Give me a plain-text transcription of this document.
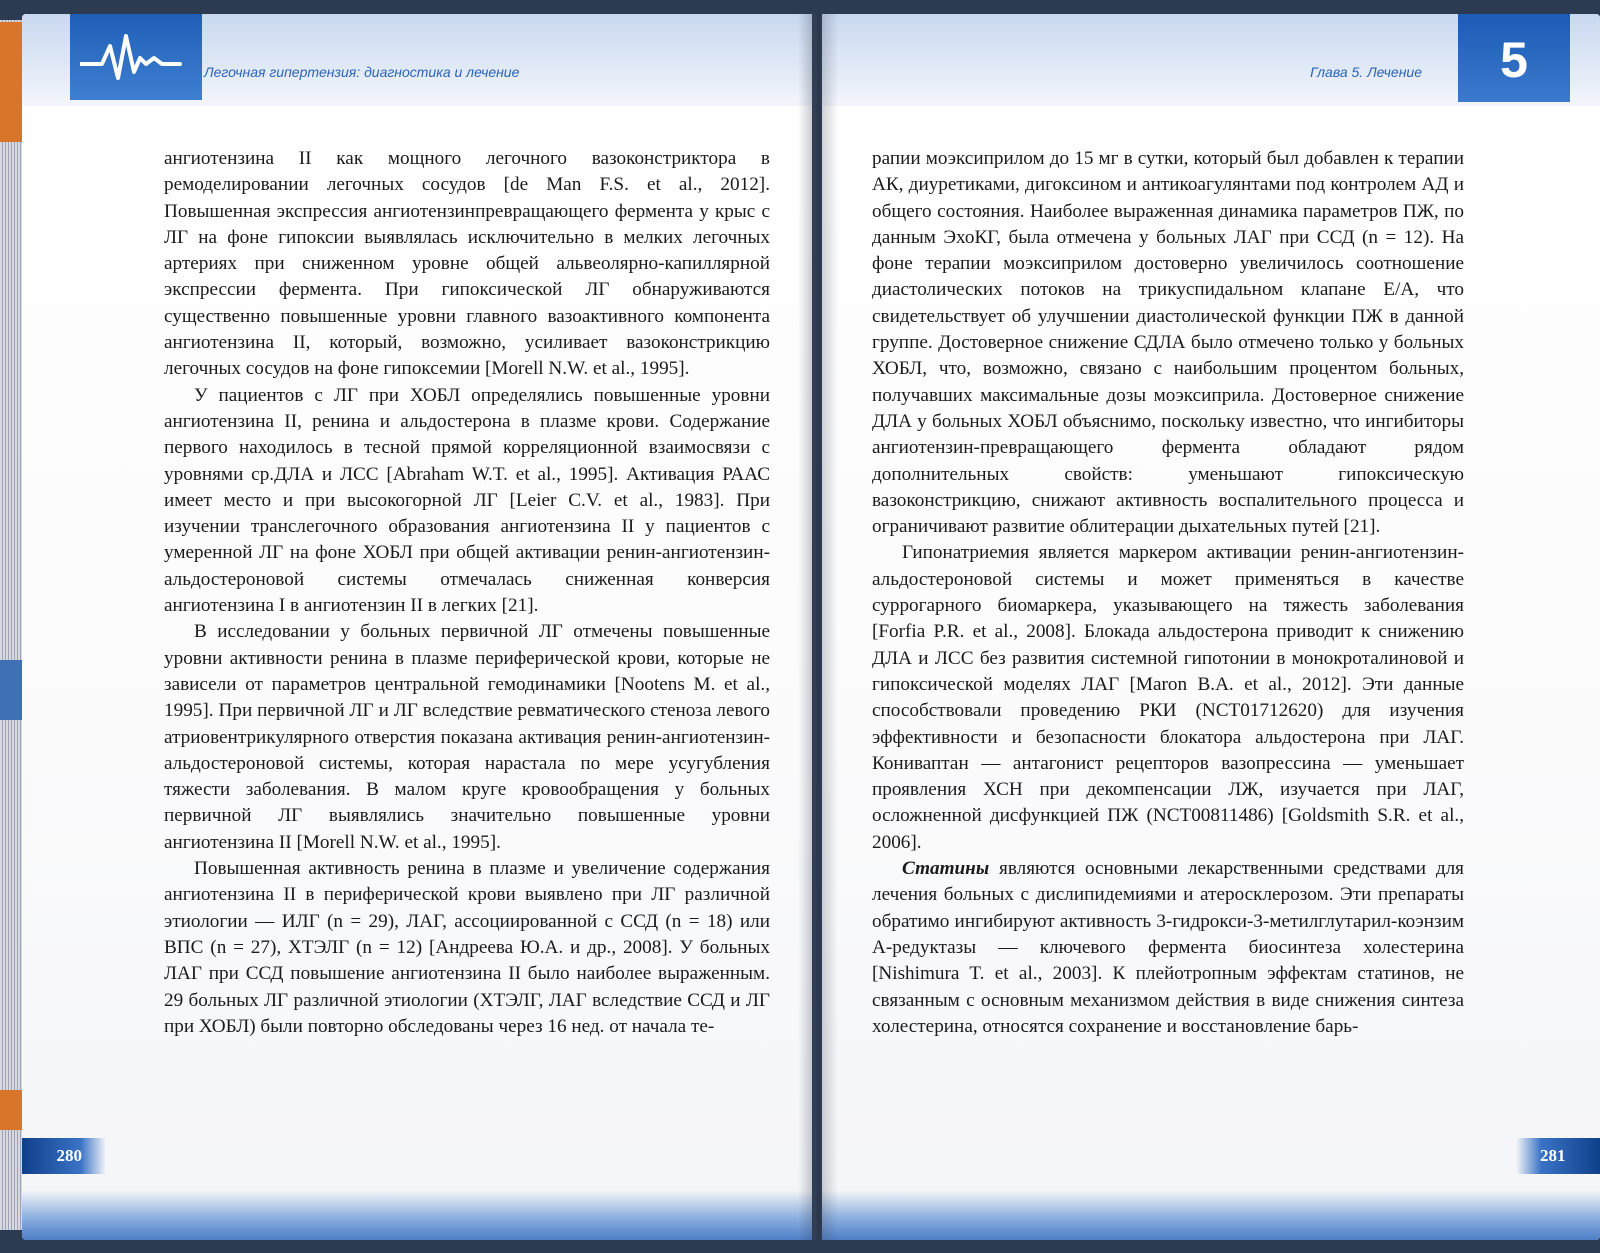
Легочная гипертензия: диагностика и лечение

ангиотензина II как мощного легочного вазоконстриктора в ремоделировании легочных сосудов [de Man F.S. et al., 2012]. Повышенная экспрессия ангиотензинпревращающего фермента у крыс с ЛГ на фоне гипоксии выявлялась исключительно в мелких легочных артериях при сниженном уровне общей альвеолярно-капиллярной экспрессии фермента. При гипоксической ЛГ обнаруживаются существенно повышенные уровни главного вазоактивного компонента ангиотензина II, который, возможно, усиливает вазоконстрикцию легочных сосудов на фоне гипоксемии [Morell N.W. et al., 1995].

У пациентов с ЛГ при ХОБЛ определялись повышенные уровни ангиотензина II, ренина и альдостерона в плазме крови. Содержание первого находилось в тесной прямой корреляционной взаимосвязи с уровнями ср.ДЛА и ЛСС [Abraham W.T. et al., 1995]. Активация РААС имеет место и при высокогорной ЛГ [Leier C.V. et al., 1983]. При изучении транслегочного образования ангиотензина II у пациентов с умеренной ЛГ на фоне ХОБЛ при общей активации ренин-ангиотензин-альдостероновой системы отмечалась сниженная конверсия ангиотензина I в ангиотензин II в легких [21].

В исследовании у больных первичной ЛГ отмечены повышенные уровни активности ренина в плазме периферической крови, которые не зависели от параметров центральной гемодинамики [Nootens M. et al., 1995]. При первичной ЛГ и ЛГ вследствие ревматического стеноза левого атриовентрикулярного отверстия показана активация ренин-ангиотензин-альдостероновой системы, которая нарастала по мере усугубления тяжести заболевания. В малом круге кровообращения у больных первичной ЛГ выявлялись значительно повышенные уровни ангиотензина II [Morell N.W. et al., 1995].

Повышенная активность ренина в плазме и увеличение содержания ангиотензина II в периферической крови выявлено при ЛГ различной этиологии — ИЛГ (n = 29), ЛАГ, ассоциированной с ССД (n = 18) или ВПС (n = 27), ХТЭЛГ (n = 12) [Андреева Ю.А. и др., 2008]. У больных ЛАГ при ССД повышение ангиотензина II было наиболее выраженным. 29 больных ЛГ различной этиологии (ХТЭЛГ, ЛАГ вследствие ССД и ЛГ при ХОБЛ) были повторно обследованы через 16 нед. от начала те-

280
Глава 5. Лечение	5

рапии моэксиприлом до 15 мг в сутки, который был добавлен к терапии АК, диуретиками, дигоксином и антикоагулянтами под контролем АД и общего состояния. Наиболее выраженная динамика параметров ПЖ, по данным ЭхоКГ, была отмечена у больных ЛАГ при ССД (n = 12). На фоне терапии моэксиприлом достоверно увеличилось соотношение диастолических потоков на трикуспидальном клапане Е/А, что свидетельствует об улучшении диастолической функции ПЖ в данной группе. Достоверное снижение СДЛА было отмечено только у больных ХОБЛ, что, возможно, связано с наибольшим процентом больных, получавших максимальные дозы моэксиприла. Достоверное снижение ДЛА у больных ХОБЛ объяснимо, поскольку известно, что ингибиторы ангиотензин-превращающего фермента обладают рядом дополнительных свойств: уменьшают гипоксическую вазоконстрикцию, снижают активность воспалительного процесса и ограничивают развитие облитерации дыхательных путей [21].

Гипонатриемия является маркером активации ренин-ангиотензин-альдостероновой системы и может применяться в качестве суррогарного биомаркера, указывающего на тяжесть заболевания [Forfia P.R. et al., 2008]. Блокада альдостерона приводит к снижению ДЛА и ЛСС без развития системной гипотонии в монокроталиновой и гипоксической моделях ЛАГ [Maron B.A. et al., 2012]. Эти данные способствовали проведению РКИ (NCT01712620) для изучения эффективности и безопасности блокатора альдостерона при ЛАГ. Кониваптан — антагонист рецепторов вазопрессина — уменьшает проявления ХСН при декомпенсации ЛЖ, изучается при ЛАГ, осложненной дисфункцией ПЖ (NCT00811486) [Goldsmith S.R. et al., 2006].

Статины являются основными лекарственными средствами для лечения больных с дислипидемиями и атеросклерозом. Эти препараты обратимо ингибируют активность 3-гидрокси-3-метилглутарил-коэнзим А-редуктазы — ключевого фермента биосинтеза холестерина [Nishimura T. et al., 2003]. К плейотропным эффектам статинов, не связанным с основным механизмом действия в виде снижения синтеза холестерина, относятся сохранение и восстановление барь-

281
